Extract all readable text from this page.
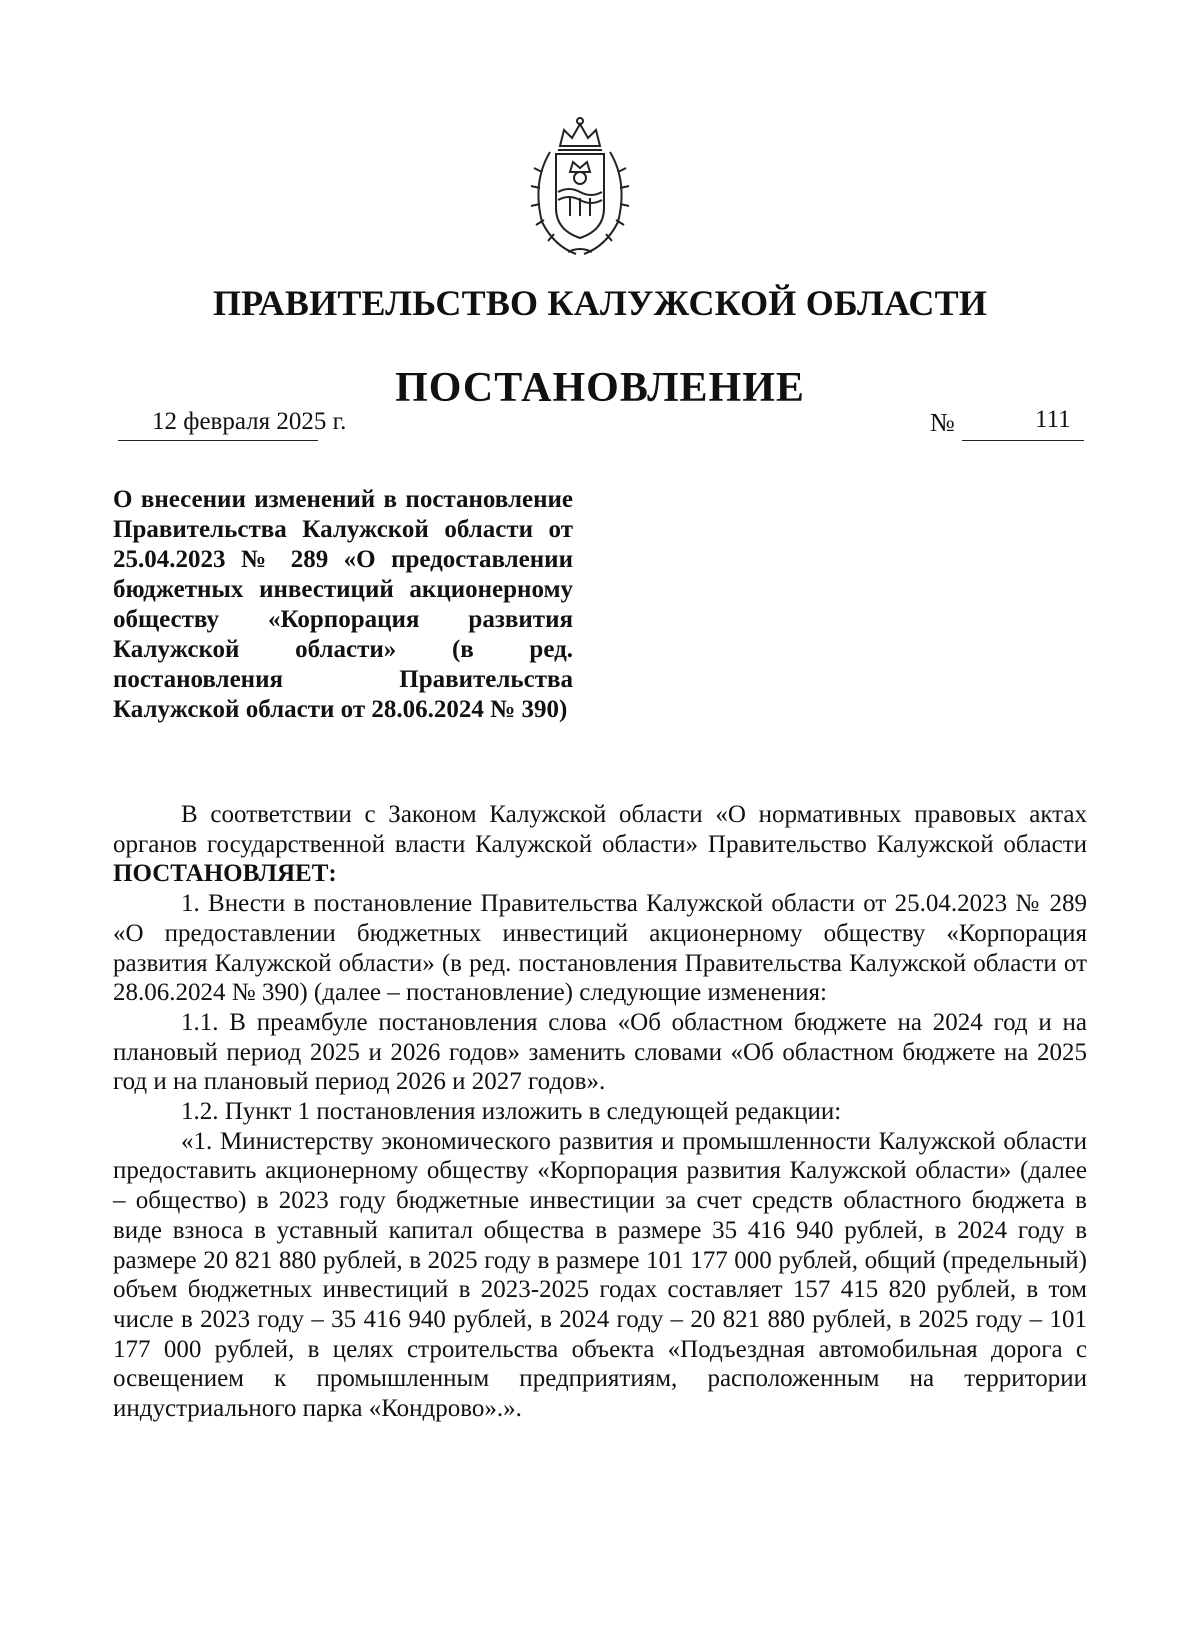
ПРАВИТЕЛЬСТВО КАЛУЖСКОЙ ОБЛАСТИ
ПОСТАНОВЛЕНИЕ
12 февраля 2025 г.	№	111
О внесении изменений в постановление Правительства Калужской области от 25.04.2023 № 289 «О предоставлении бюджетных инвестиций акционерному обществу «Корпорация развития Калужской области» (в ред. постановления Правительства Калужской области от 28.06.2024 № 390)

В соответствии с Законом Калужской области «О нормативных правовых актах органов государственной власти Калужской области» Правительство Калужской области ПОСТАНОВЛЯЕТ:

1. Внести в постановление Правительства Калужской области от 25.04.2023 № 289 «О предоставлении бюджетных инвестиций акционерному обществу «Корпорация развития Калужской области» (в ред. постановления Правительства Калужской области от 28.06.2024 № 390) (далее – постановление) следующие изменения:

1.1. В преамбуле постановления слова «Об областном бюджете на 2024 год и на плановый период 2025 и 2026 годов» заменить словами «Об областном бюджете на 2025 год и на плановый период 2026 и 2027 годов».

1.2. Пункт 1 постановления изложить в следующей редакции:

«1. Министерству экономического развития и промышленности Калужской области предоставить акционерному обществу «Корпорация развития Калужской области» (далее – общество) в 2023 году бюджетные инвестиции за счет средств областного бюджета в виде взноса в уставный капитал общества в размере 35 416 940 рублей, в 2024 году в размере 20 821 880 рублей, в 2025 году в размере 101 177 000 рублей, общий (предельный) объем бюджетных инвестиций в 2023-2025 годах составляет 157 415 820 рублей, в том числе в 2023 году – 35 416 940 рублей, в 2024 году – 20 821 880 рублей, в 2025 году – 101 177 000 рублей, в целях строительства объекта «Подъездная автомобильная дорога с освещением к промышленным предприятиям, расположенным на территории индустриального парка «Кондрово».».
